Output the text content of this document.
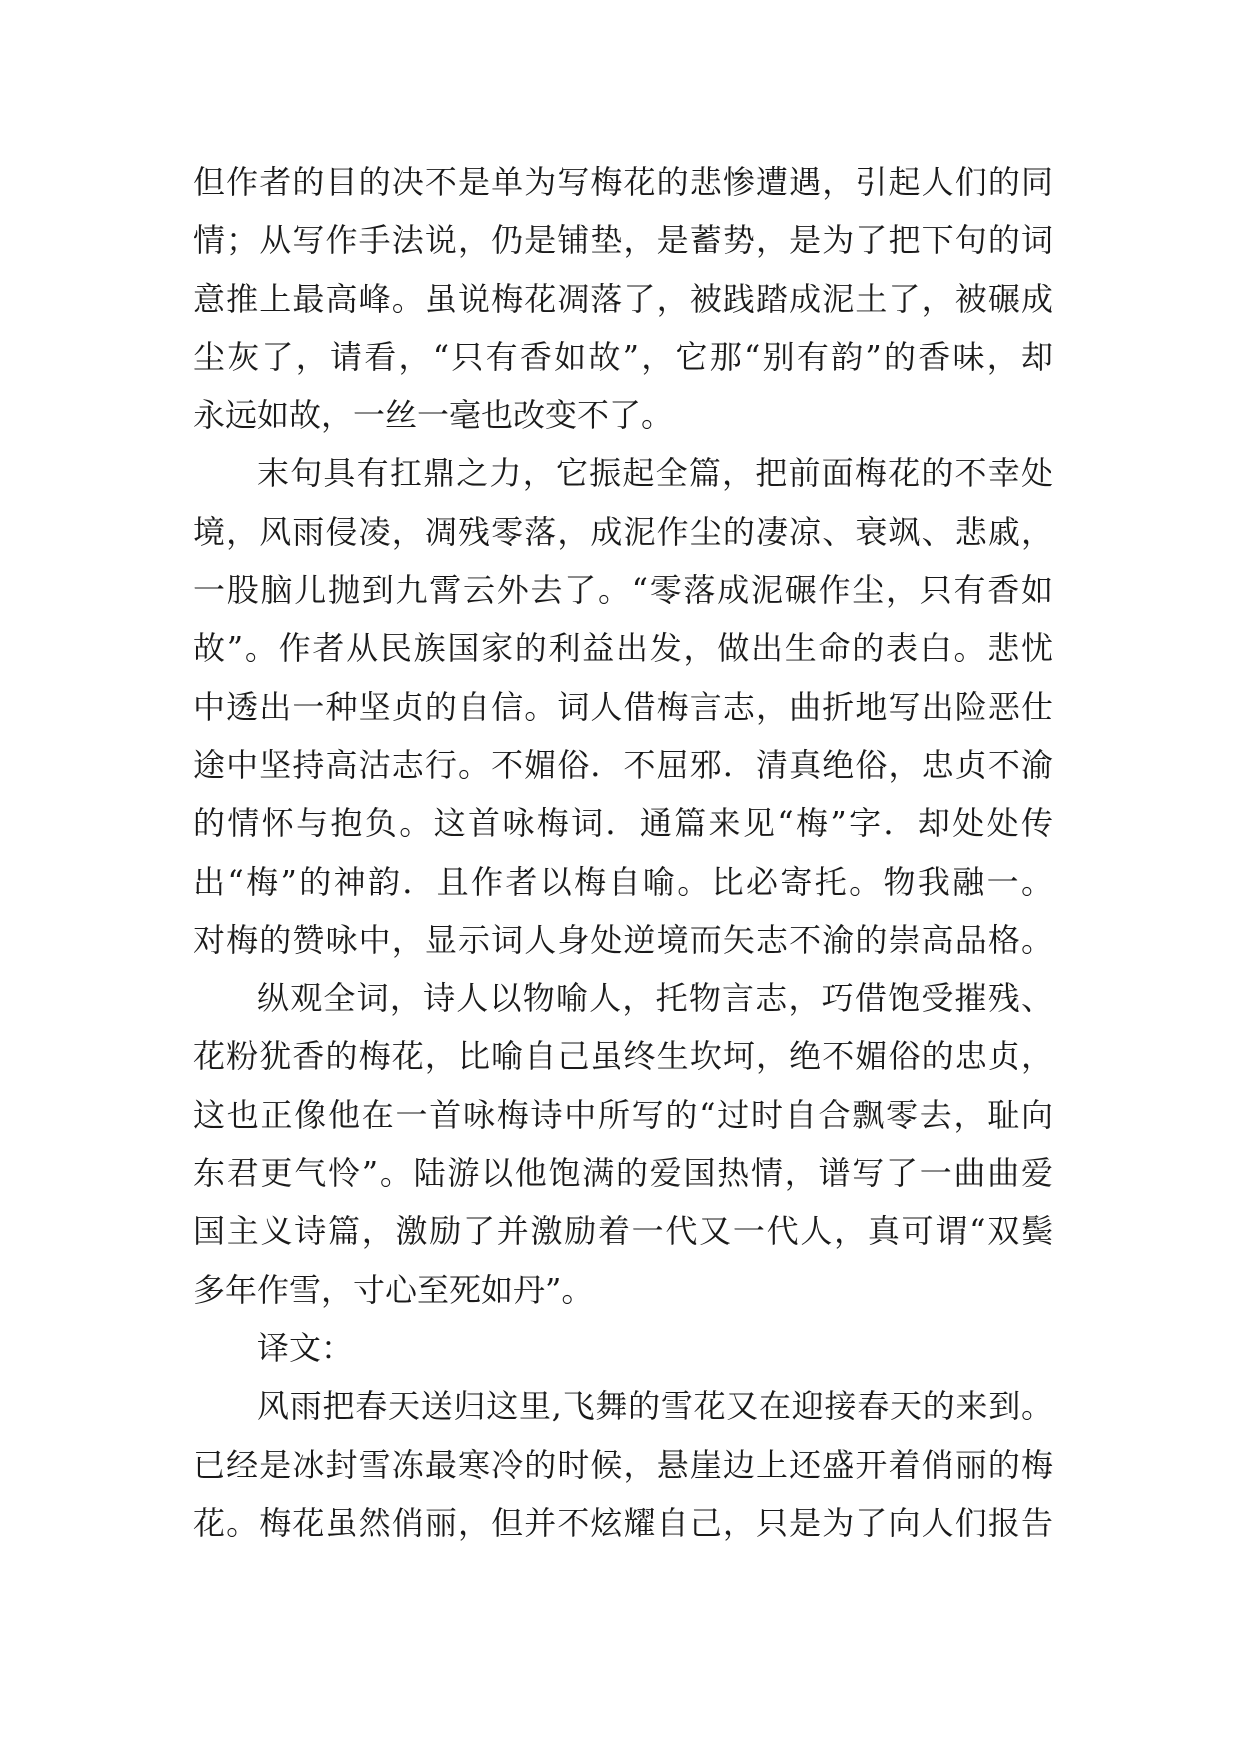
但作者的目的决不是单为写梅花的悲惨遭遇，引起人们的同
情；从写作手法说，仍是铺垫，是蓄势，是为了把下句的词
意推上最高峰。虽说梅花凋落了，被践踏成泥土了，被碾成
尘灰了，请看，“只有香如故”，它那“别有韵”的香味，却
永远如故，一丝一毫也改变不了。
末句具有扛鼎之力，它振起全篇，把前面梅花的不幸处
境，风雨侵凌，凋残零落，成泥作尘的凄凉、衰飒、悲戚，
一股脑儿抛到九霄云外去了。“零落成泥碾作尘，只有香如
故”。作者从民族国家的利益出发，做出生命的表白。悲忧
中透出一种坚贞的自信。词人借梅言志，曲折地写出险恶仕
途中坚持高沽志行。不媚俗．不屈邪．清真绝俗，忠贞不渝
的情怀与抱负。这首咏梅词．通篇来见“梅”字．却处处传
出“梅”的神韵．且作者以梅自喻。比必寄托。物我融一。
对梅的赞咏中，显示词人身处逆境而矢志不渝的崇高品格。
纵观全词，诗人以物喻人，托物言志，巧借饱受摧残、
花粉犹香的梅花，比喻自己虽终生坎坷，绝不媚俗的忠贞，
这也正像他在一首咏梅诗中所写的“过时自合飘零去，耻向
东君更气怜”。陆游以他饱满的爱国热情，谱写了一曲曲爱
国主义诗篇，激励了并激励着一代又一代人，真可谓“双鬓
多年作雪，寸心至死如丹”。
译文：
风雨把春天送归这里,飞舞的雪花又在迎接春天的来到。
已经是冰封雪冻最寒冷的时候，悬崖边上还盛开着俏丽的梅
花。梅花虽然俏丽，但并不炫耀自己，只是为了向人们报告
